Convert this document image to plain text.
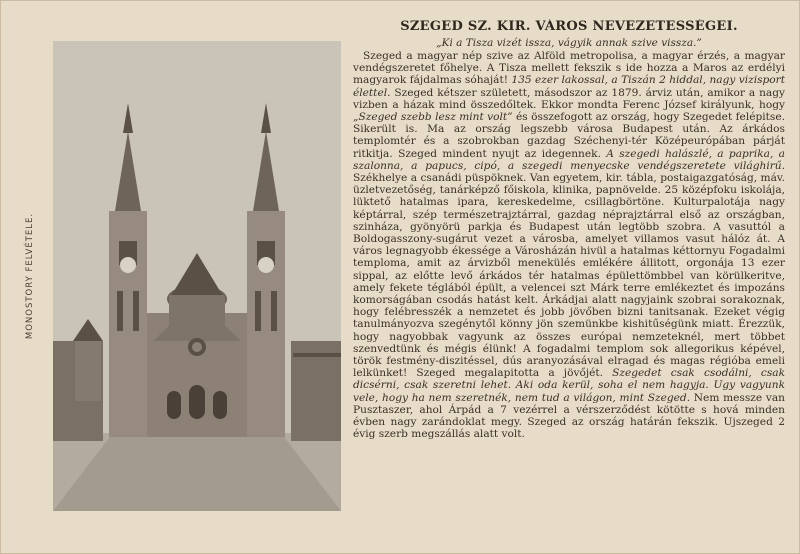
MONOSTORY FELVÉTELE.
SZEGED SZ. KIR. VÁROS NEVEZETESSÉGEI.
„Ki a Tisza vizét issza, vágyik annak szive vissza.”

Szeged a magyar nép szive az Alföld metropolisa, a magyar érzés, a magyar vendégszeretet főhelye. A Tisza mellett fekszik s ide hozza a Maros az erdélyi magyarok fájdalmas sóhaját! 135 ezer lakossal, a Tiszán 2 hiddal, nagy vizisport élettel. Szeged kétszer született, másodszor az 1879. árviz után, amikor a nagy vizben a házak mind összedőltek. Ekkor mondta Ferenc József királyunk, hogy „Szeged szebb lesz mint volt” és összefogott az ország, hogy Szegedet felépitse. Sikerült is. Ma az ország legszebb városa Budapest után. Az árkádos templomtér és a szobrokban gazdag Széchenyi-tér Középeurópában párját ritkitja. Szeged mindent nyujt az idegennek. A szegedi halászlé, a paprika, a szalonna, a papucs, cipó, a szegedi menyecske vendégszeretete világhirű. Székhelye a csanádi püspöknek. Van egyetem, kir. tábla, postaigazgatóság, máv. üzletvezetőség, tanárképző főiskola, klinika, papnövelde. 25 középfoku iskolája, lüktető hatalmas ipara, kereskedelme, csillagbörtöne. Kulturpalotája nagy képtárral, szép természetrajztárral, gazdag néprajztárral első az országban, szinháza, gyönyörü parkja és Budapest után legtöbb szobra. A vasuttól a Boldogasszony-sugárut vezet a városba, amelyet villamos vasut hálóz át. A város legnagyobb ékessége a Városházán hivül a hatalmas kéttornyu Fogadalmi temploma, amit az árvizből menekülés emlékére állitott, orgonája 13 ezer sippal, az előtte levő árkádos tér hatalmas épülettömbbel van körülkeritve, amely fekete téglából épült, a velencei szt Márk terre emlékeztet és impozáns komorságában csodás hatást kelt. Árkádjai alatt nagyjaink szobrai sorakoznak, hogy felébresszék a nemzetet és jobb jövőben bizni tanitsanak. Ezeket végig tanulmányozva szegénytől könny jön szemünkbe kishitűségünk miatt. Érezzük, hogy nagyobbak vagyunk az összes európai nemzeteknél, mert többet szenvedtünk és mégis élünk! A fogadalmi templom sok allegorikus képével, török festmény-diszitéssel, dús aranyozásával elragad és magas régióba emeli lelkünket! Szeged megalapitotta a jövőjét. Szegedet csak csodálni, csak dicsérni, csak szeretni lehet. Aki oda kerül, soha el nem hagyja. Ugy vagyunk vele, hogy ha nem szeretnék, nem tud a világon, mint Szeged. Nem messze van Pusztaszer, ahol Árpád a 7 vezérrel a vérszerződést kötötte s hová minden évben nagy zarándoklat megy. Szeged az ország határán fekszik. Ujszeged 2 évig szerb megszállás alatt volt.
